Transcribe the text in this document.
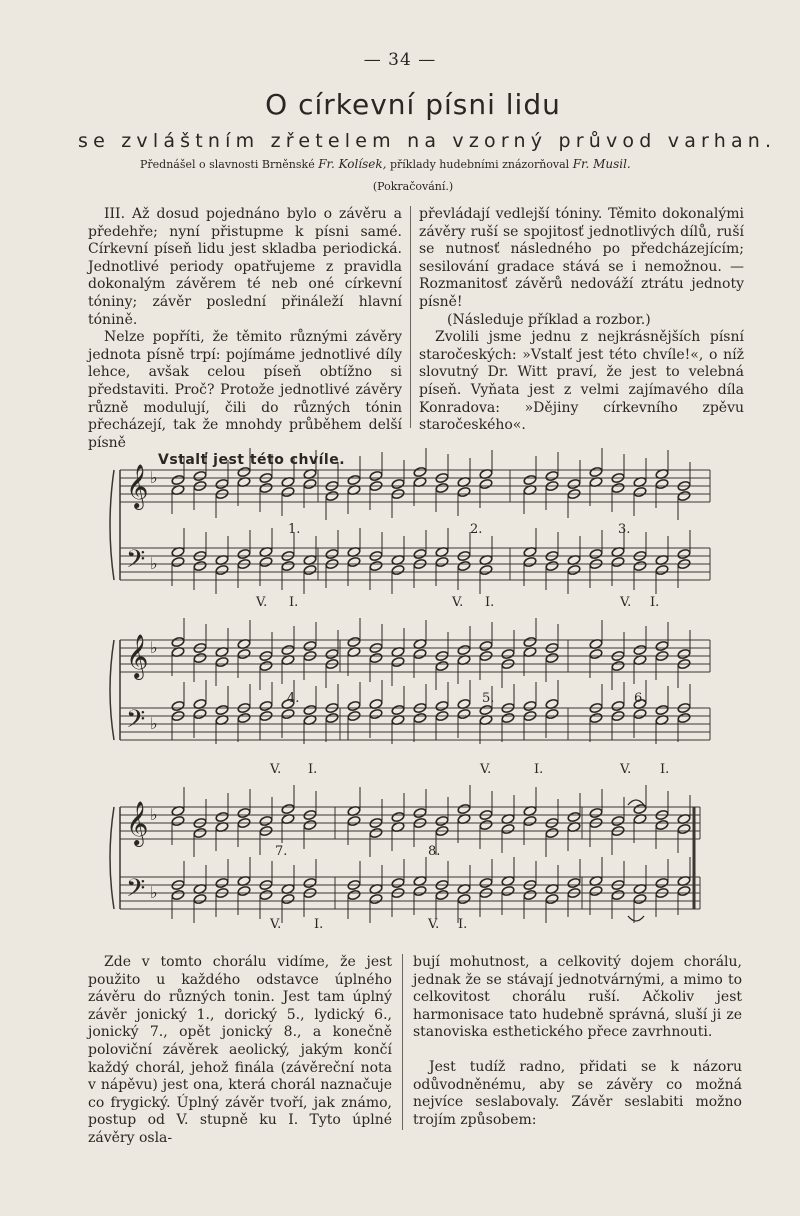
— 34 —
O církevní písni lidu
se zvláštním zřetelem na vzorný průvod varhan.
Přednášel o slavnosti Brněnské Fr. Kolísek, příklady hudebními znázorňoval Fr. Musil.
(Pokračování.)

III. Až dosud pojednáno bylo o závěru a předehře; nyní přistupme k písni samé. Církevní píseň lidu jest skladba periodická. Jednotlivé periody opatřujeme z pravidla dokonalým závěrem té neb oné církevní tóniny; závěr poslední přináleží hlavní tónině.

Nelze popříti, že těmito různými závěry jednota písně trpí: pojímáme jednotlivé díly lehce, avšak celou píseň obtížno si představiti. Proč? Protože jednotlivé závěry různě modulují, čili do různých tónin přecházejí, tak že mnohdy průběhem delší písně

převládají vedlejší tóniny. Těmito dokonalými závěry ruší se spojitosť jednotlivých dílů, ruší se nutnosť následného po předcházejícím; sesilování gradace stává se i nemožnou. — Rozmanitosť závěrů nedováží ztrátu jednoty písně!

(Následuje příklad a rozbor.)

Zvolili jsme jednu z nejkrásnějších písní staročeských: »Vstalť jest této chvíle!«, o níž slovutný Dr. Witt praví, že jest to velebná píseň. Vyňata jest z velmi zajímavého díla Konradova: »Dějiny církevního zpěvu staročeského«.

Vstalť jest této chvíle.
𝄞 ♭
𝄢 ♭
𝄞 ♭
𝄢 ♭
𝄞 ♭
𝄢 ♭
1.	2.	3.
V. I.	V. I.	V. I.
4.	5.	6.
V. I.	V.	I.	V. I.
7.	8.
V.	I.	V. I.

Zde v tomto chorálu vidíme, že jest použito u každého odstavce úplného závěru do různých tonin. Jest tam úplný závěr jonický 1., dorický 5., lydický 6., jonický 7., opět jonický 8., a konečně poloviční závěrek aeolický, jakým končí každý chorál, jehož finála (závěreční nota v nápěvu) jest ona, která chorál naznačuje co frygický. Úplný závěr tvoří, jak známo, postup od V. stupně ku I. Tyto úplné závěry osla-

bují mohutnost, a celkovitý dojem chorálu, jednak že se stávají jednotvárnými, a mimo to celkovitost chorálu ruší. Ačkoliv jest harmonisace tato hudebně správná, sluší ji ze stanoviska esthetického přece zavrhnouti.

Jest tudíž radno, přidati se k názoru odůvodněnému, aby se závěry co možná nejvíce seslabovaly. Závěr seslabiti možno trojím způsobem:
